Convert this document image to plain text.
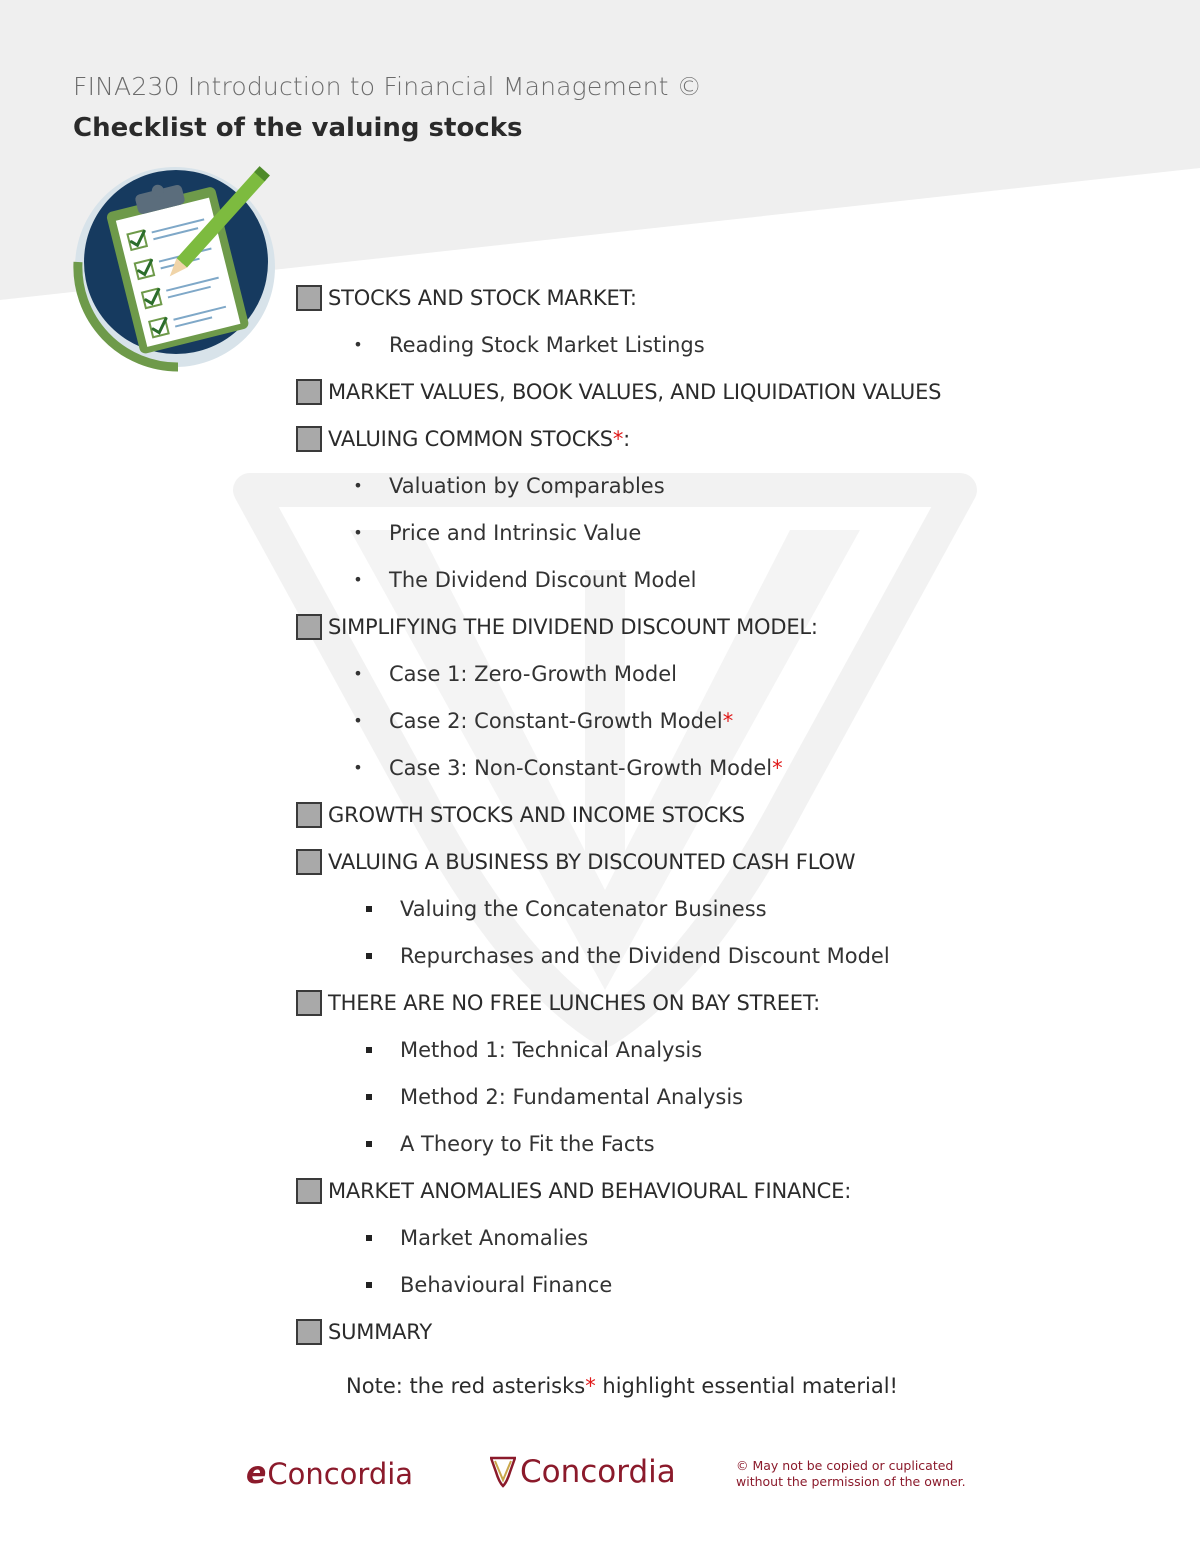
FINA230 Introduction to Financial Management ©
Checklist of the valuing stocks
STOCKS AND STOCK MARKET:
• Reading Stock Market Listings
MARKET VALUES, BOOK VALUES, AND LIQUIDATION VALUES
VALUING COMMON STOCKS * :
• Valuation by Comparables
• Price and Intrinsic Value
• The Dividend Discount Model
SIMPLIFYING THE DIVIDEND DISCOUNT MODEL:
• Case 1: Zero-Growth Model
• Case 2: Constant-Growth Model *
• Case 3: Non-Constant-Growth Model *
GROWTH STOCKS AND INCOME STOCKS
VALUING A BUSINESS BY DISCOUNTED CASH FLOW
Valuing the Concatenator Business
Repurchases and the Dividend Discount Model
THERE ARE NO FREE LUNCHES ON BAY STREET:
Method 1: Technical Analysis
Method 2: Fundamental Analysis
A Theory to Fit the Facts
MARKET ANOMALIES AND BEHAVIOURAL FINANCE:
Market Anomalies
Behavioural Finance
SUMMARY
Note: the red asterisks* highlight essential material!
e Concordia	Concordia	© May not be copied or cuplicated
without the permission of the owner.
